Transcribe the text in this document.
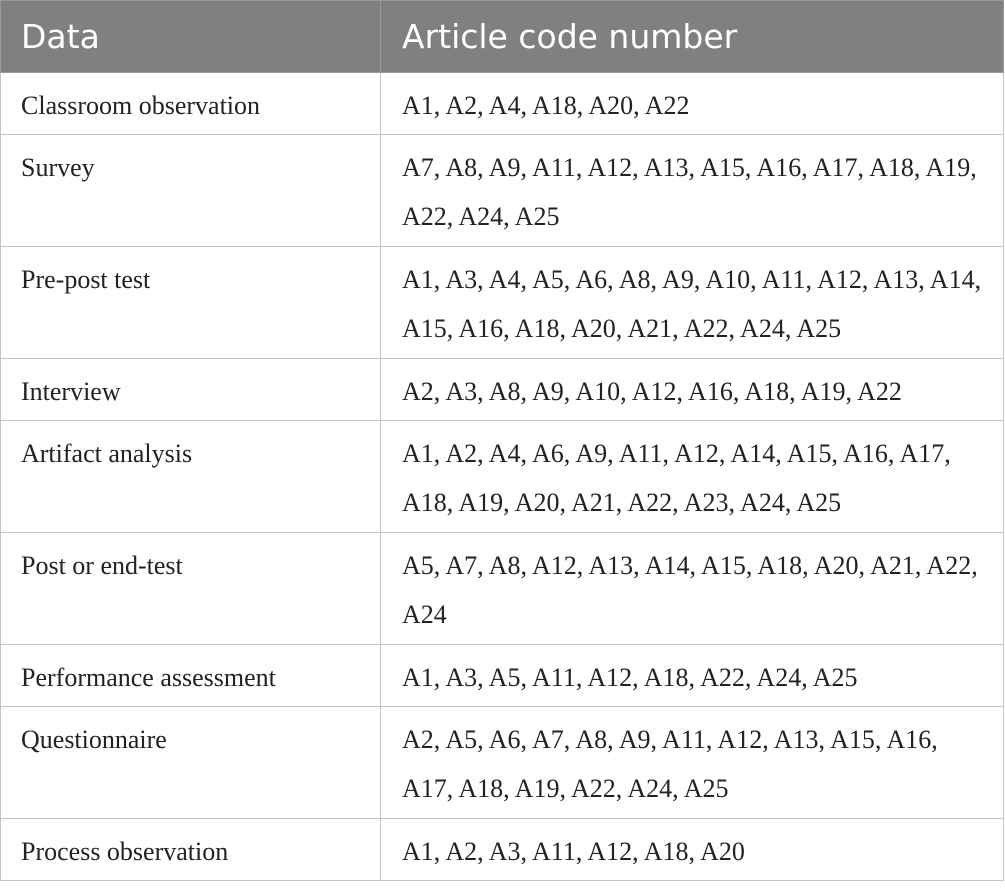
Data	Article code number
Classroom observation	A1, A2, A4, A18, A20, A22
Survey	A7, A8, A9, A11, A12, A13, A15, A16, A17, A18, A19, A22, A24, A25
Pre-post test	A1, A3, A4, A5, A6, A8, A9, A10, A11, A12, A13, A14, A15, A16, A18, A20, A21, A22, A24, A25
Interview	A2, A3, A8, A9, A10, A12, A16, A18, A19, A22
Artifact analysis	A1, A2, A4, A6, A9, A11, A12, A14, A15, A16, A17, A18, A19, A20, A21, A22, A23, A24, A25
Post or end-test	A5, A7, A8, A12, A13, A14, A15, A18, A20, A21, A22, A24
Performance assessment	A1, A3, A5, A11, A12, A18, A22, A24, A25
Questionnaire	A2, A5, A6, A7, A8, A9, A11, A12, A13, A15, A16, A17, A18, A19, A22, A24, A25
Process observation	A1, A2, A3, A11, A12, A18, A20
